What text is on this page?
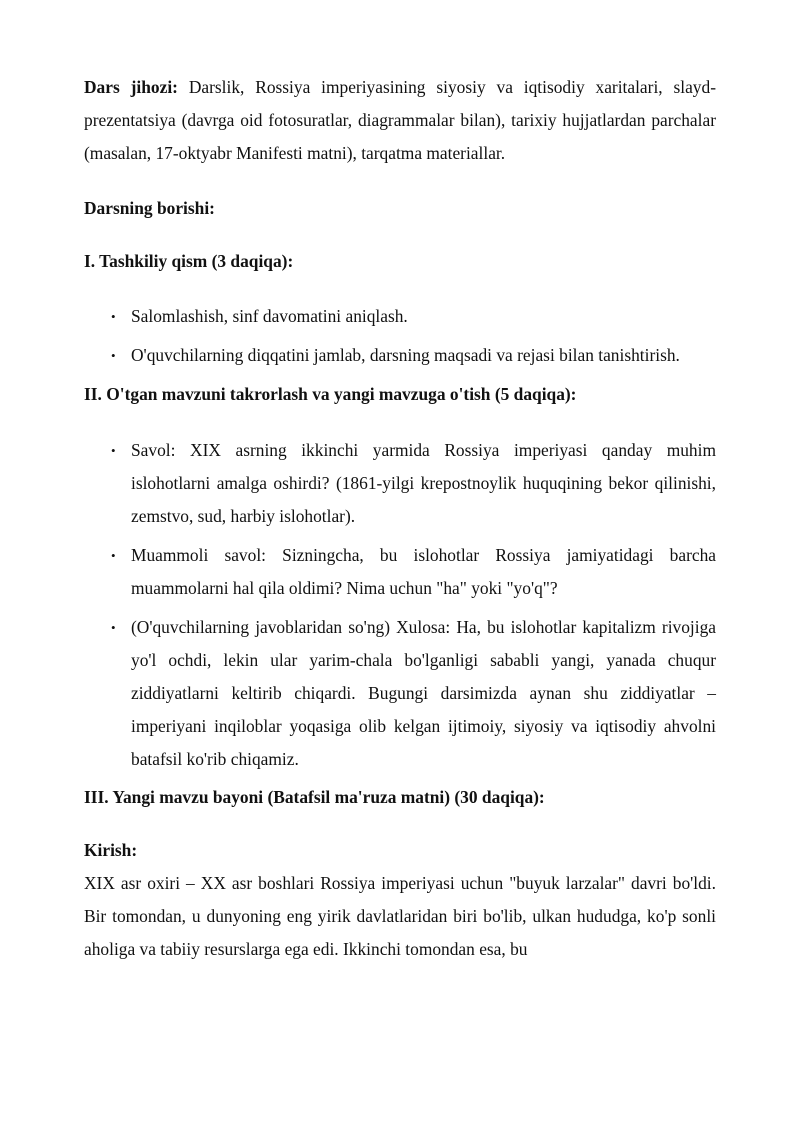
Dars jihozi: Darslik, Rossiya imperiyasining siyosiy va iqtisodiy xaritalari, slayd-prezentatsiya (davrga oid fotosuratlar, diagrammalar bilan), tarixiy hujjatlardan parchalar (masalan, 17-oktyabr Manifesti matni), tarqatma materiallar.

Darsning borishi:

I. Tashkiliy qism (3 daqiqa):

• Salomlashish, sinf davomatini aniqlash.
• O'quvchilarning diqqatini jamlab, darsning maqsadi va rejasi bilan tanishtirish.

II. O'tgan mavzuni takrorlash va yangi mavzuga o'tish (5 daqiqa):

• Savol: XIX asrning ikkinchi yarmida Rossiya imperiyasi qanday muhim islohotlarni amalga oshirdi? (1861-yilgi krepostnoylik huquqining bekor qilinishi, zemstvo, sud, harbiy islohotlar).
• Muammoli savol: Sizningcha, bu islohotlar Rossiya jamiyatidagi barcha muammolarni hal qila oldimi? Nima uchun "ha" yoki "yo'q"?
• (O'quvchilarning javoblaridan so'ng) Xulosa: Ha, bu islohotlar kapitalizm rivojiga yo'l ochdi, lekin ular yarim-chala bo'lganligi sababli yangi, yanada chuqur ziddiyatlarni keltirib chiqardi. Bugungi darsimizda aynan shu ziddiyatlar – imperiyani inqiloblar yoqasiga olib kelgan ijtimoiy, siyosiy va iqtisodiy ahvolni batafsil ko'rib chiqamiz.

III. Yangi mavzu bayoni (Batafsil ma'ruza matni) (30 daqiqa):

Kirish:

XIX asr oxiri – XX asr boshlari Rossiya imperiyasi uchun "buyuk larzalar" davri bo'ldi. Bir tomondan, u dunyoning eng yirik davlatlaridan biri bo'lib, ulkan hududga, ko'p sonli aholiga va tabiiy resurslarga ega edi. Ikkinchi tomondan esa, bu
